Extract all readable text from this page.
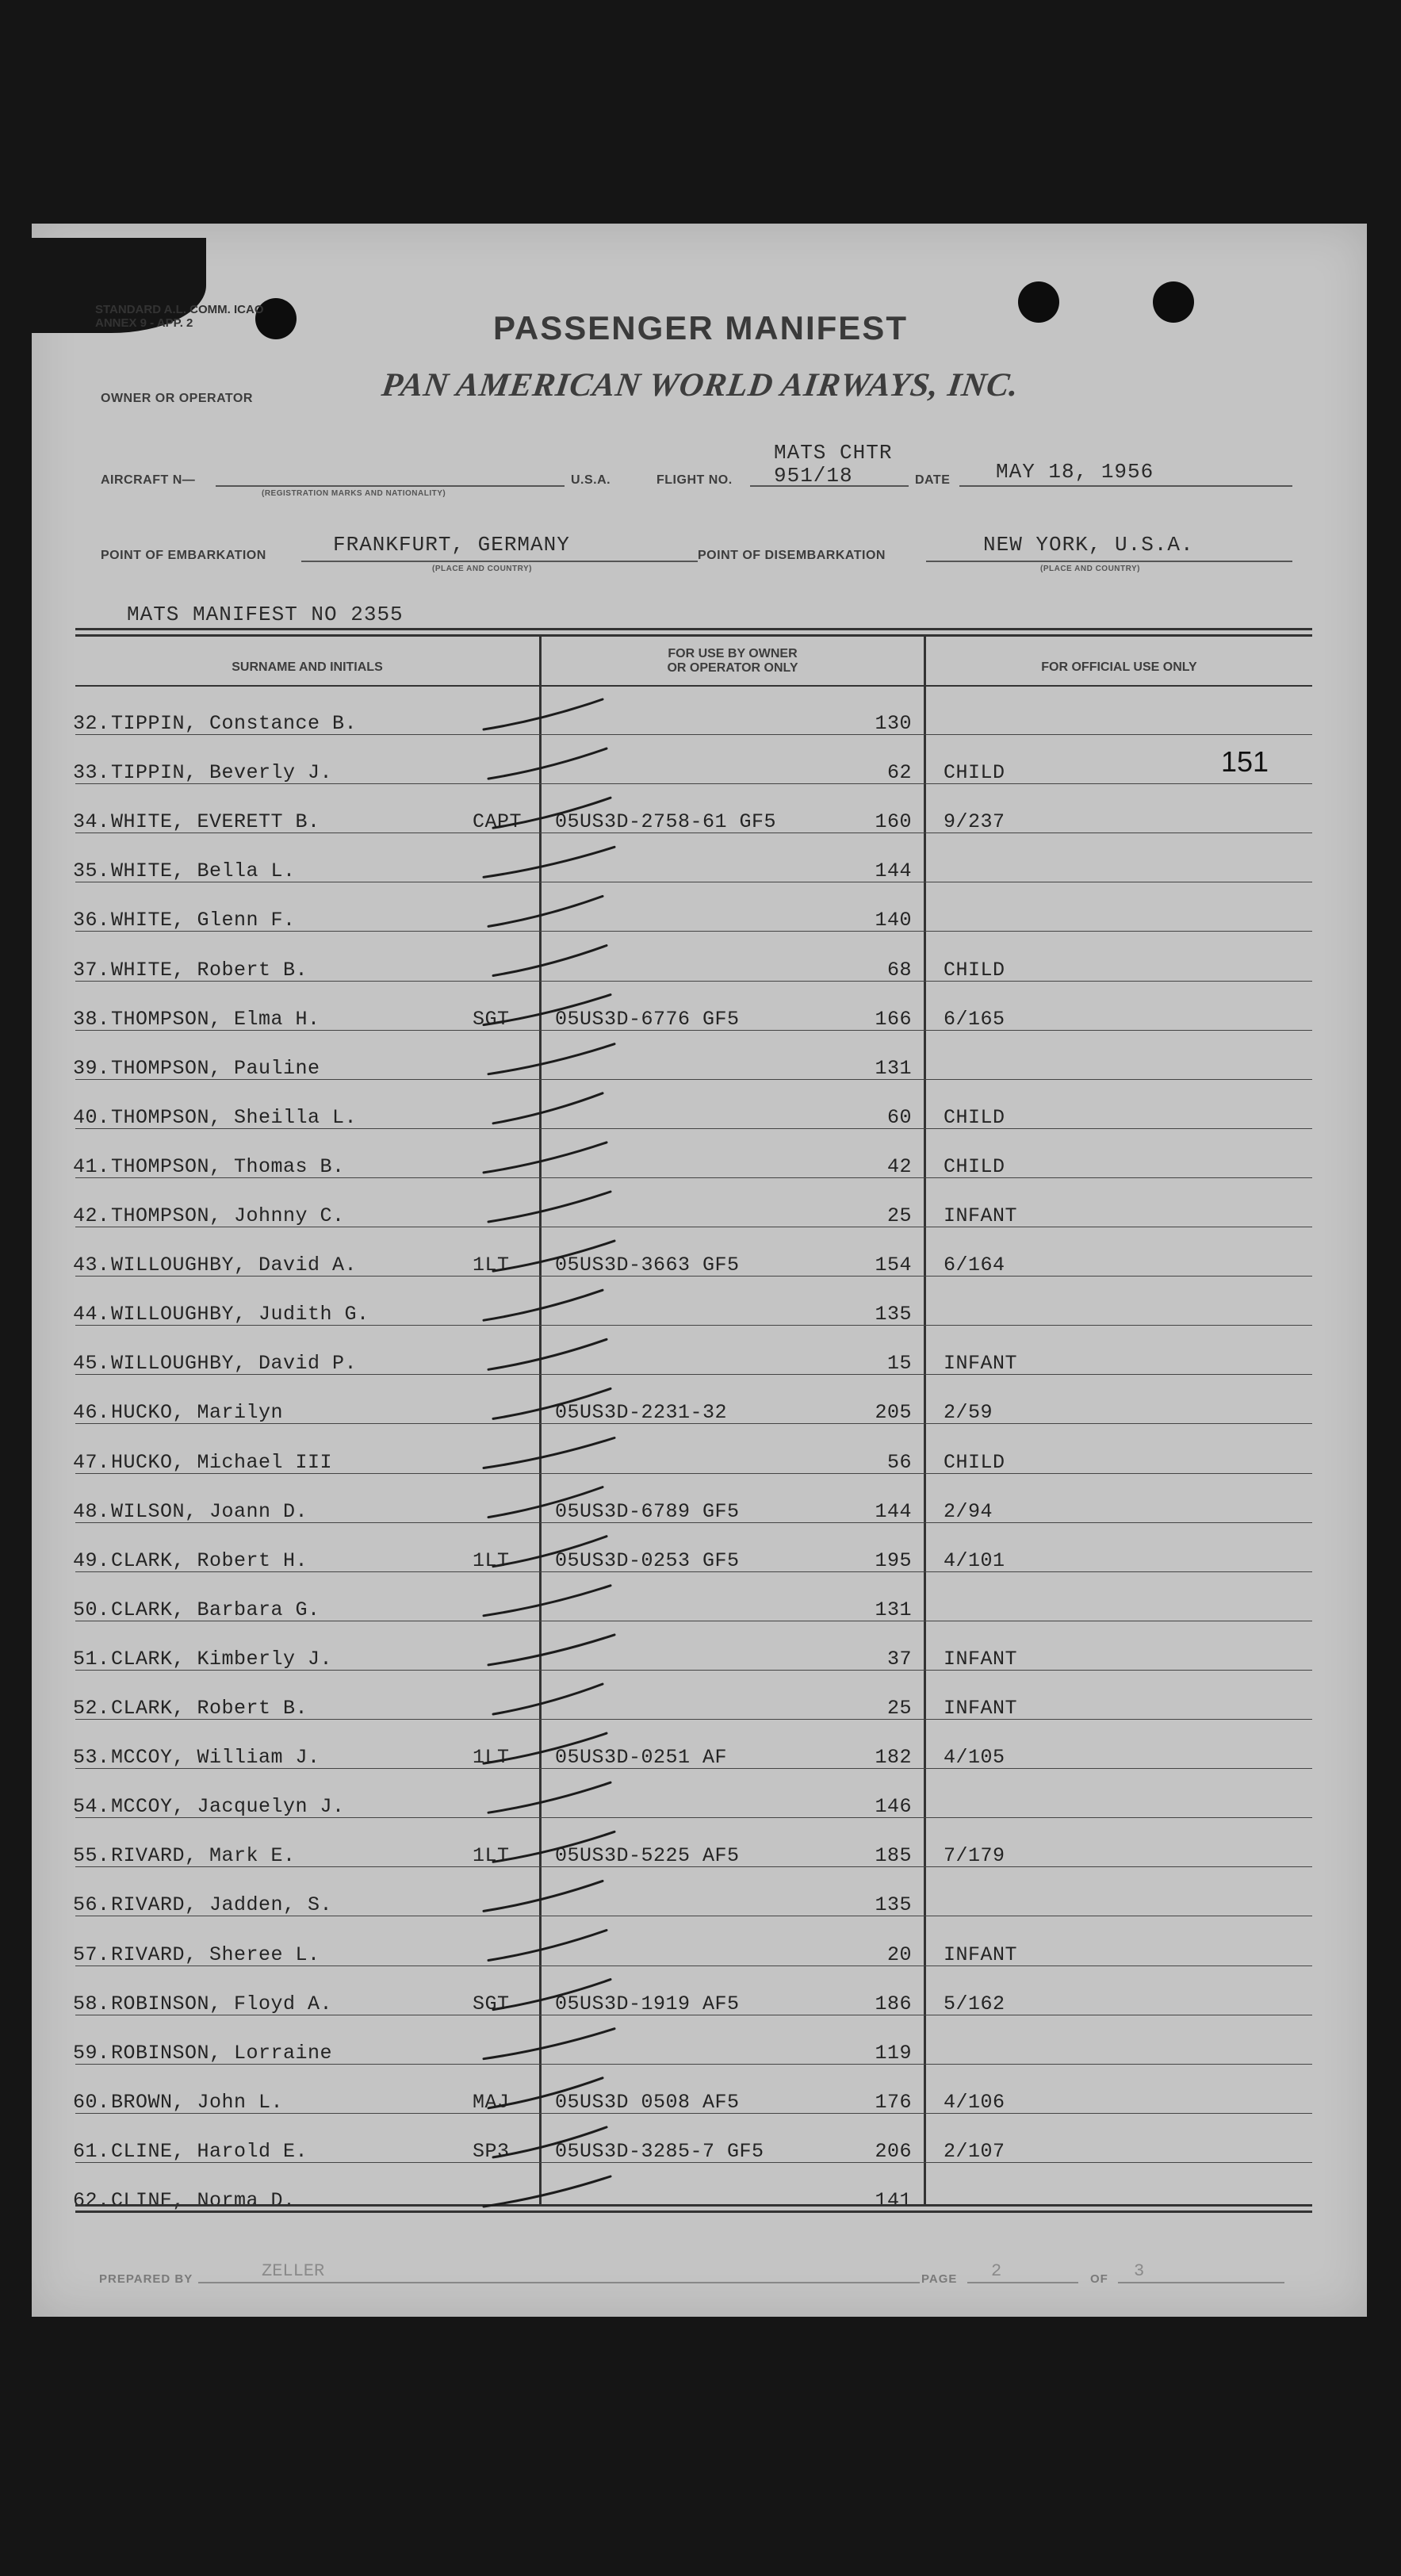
STANDARD A.L. COMM. ICAO ANNEX 9 - APP. 2	PASSENGER MANIFEST
OWNER OR OPERATOR	PAN AMERICAN WORLD AIRWAYS, INC.
AIRCRAFT N—
(REGISTRATION MARKS AND NATIONALITY)
U.S.A.	FLIGHT NO.
MATS CHTR
951/18	DATE MAY 18, 1956
POINT OF EMBARKATION	FRANKFURT, GERMANY
(PLACE AND COUNTRY)
POINT OF DISEMBARKATION	NEW YORK, U.S.A.
(PLACE AND COUNTRY)
MATS MANIFEST NO 2355
SURNAME AND INITIALS
FOR USE BY OWNER
OR OPERATOR ONLY	FOR OFFICIAL USE ONLY
151
32. TIPPIN, Constance B.	130
33. TIPPIN, Beverly J.	62 CHILD
34. WHITE, EVERETT B.	CAPT 05US3D-2758-61 GF5	160 9/237
35. WHITE, Bella L.	144
36. WHITE, Glenn F.	140
37. WHITE, Robert B.	68 CHILD
38. THOMPSON, Elma H.	SGT 05US3D-6776 GF5	166 6/165
39. THOMPSON, Pauline	131
40. THOMPSON, Sheilla L.	60 CHILD
41. THOMPSON, Thomas B.	42 CHILD
42. THOMPSON, Johnny C.	25 INFANT
43. WILLOUGHBY, David A.	1LT 05US3D-3663 GF5	154 6/164
44. WILLOUGHBY, Judith G.	135
45. WILLOUGHBY, David P.	15 INFANT
46. HUCKO, Marilyn	05US3D-2231-32	205 2/59
47. HUCKO, Michael III	56 CHILD
48. WILSON, Joann D.	05US3D-6789 GF5	144 2/94
49. CLARK, Robert H.	1LT 05US3D-0253 GF5	195 4/101
50. CLARK, Barbara G.	131
51. CLARK, Kimberly J.	37 INFANT
52. CLARK, Robert B.	25 INFANT
53. MCCOY, William J.	1LT 05US3D-0251 AF	182 4/105
54. MCCOY, Jacquelyn J.	146
55. RIVARD, Mark E.	1LT 05US3D-5225 AF5	185 7/179
56. RIVARD, Jadden, S.	135
57. RIVARD, Sheree L.	20 INFANT
58. ROBINSON, Floyd A.	SGT 05US3D-1919 AF5	186 5/162
59. ROBINSON, Lorraine	119
60. BROWN, John L.	MAJ 05US3D 0508 AF5	176 4/106
61. CLINE, Harold E.	SP3 05US3D-3285-7 GF5	206 2/107
62. CLINE, Norma D.	141
PREPARED BY	ZELLER	PAGE 2	OF 3
